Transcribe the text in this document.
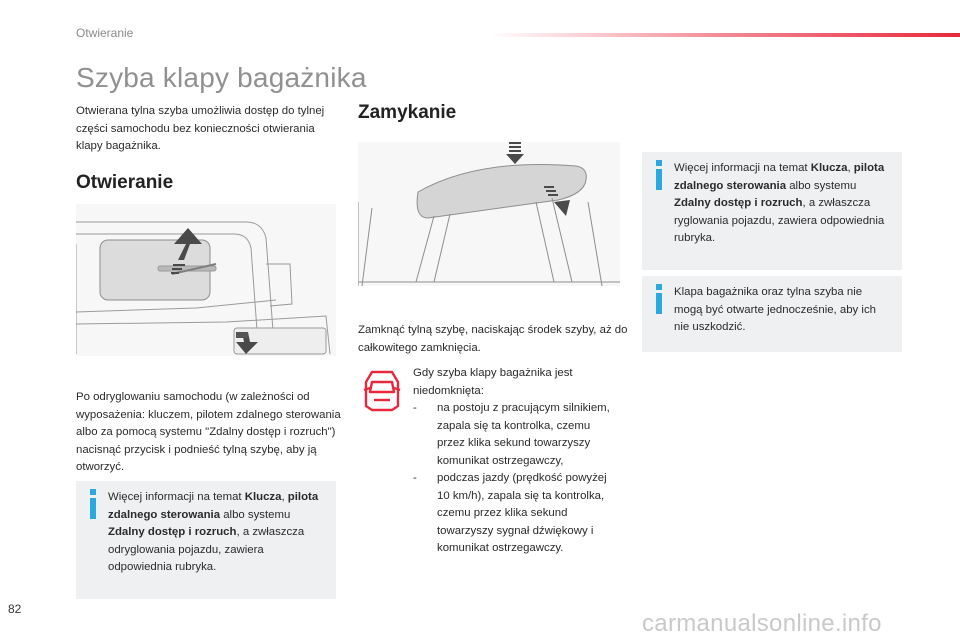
Otwieranie
Szyba klapy bagażnika
Otwierana tylna szyba umożliwia dostęp do tylnej części samochodu bez konieczności otwierania klapy bagażnika.
Otwieranie
Po odryglowaniu samochodu (w zależności od wyposażenia: kluczem, pilotem zdalnego sterowania albo za pomocą systemu "Zdalny dostęp i rozruch") nacisnąć przycisk i podnieść tylną szybę, aby ją otworzyć.
Więcej informacji na temat Klucza, pilota zdalnego sterowania albo systemu Zdalny dostęp i rozruch, a zwłaszcza odryglowania pojazdu, zawiera odpowiednia rubryka.
Zamykanie
Zamknąć tylną szybę, naciskając środek szyby, aż do całkowitego zamknięcia.
Gdy szyba klapy bagażnika jest niedomknięta:
- na postoju z pracującym silnikiem, zapala się ta kontrolka, czemu przez klika sekund towarzyszy komunikat ostrzegawczy,
- podczas jazdy (prędkość powyżej 10 km/h), zapala się ta kontrolka, czemu przez klika sekund towarzyszy sygnał dźwiękowy i komunikat ostrzegawczy.
Więcej informacji na temat Klucza, pilota zdalnego sterowania albo systemu Zdalny dostęp i rozruch, a zwłaszcza ryglowania pojazdu, zawiera odpowiednia rubryka.
Klapa bagażnika oraz tylna szyba nie mogą być otwarte jednocześnie, aby ich nie uszkodzić.
82
carmanualsonline.info
